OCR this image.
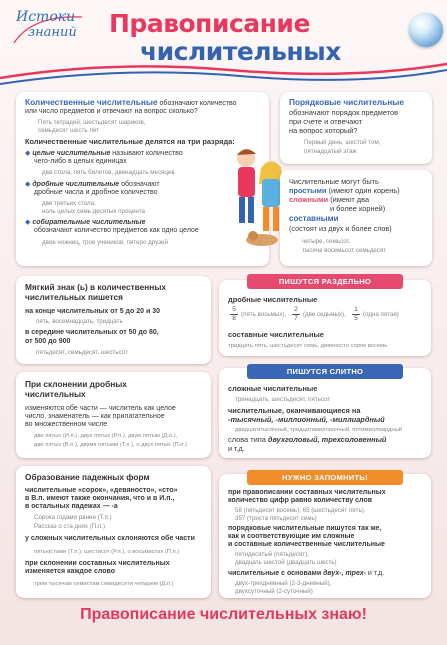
Истоки
знаний Правописание
числительных
Количественные числительные обозначают количество
или число предметов и отвечают на вопрос сколько?
Пять тетрадей, шестьдесят шариков,
семьдесят шесть лет
Количественные числительные делятся на три разряда:
◆ целые числительные называют количество
чего-либо в целых единицах
два стола, пять билетов, двенадцать месяцев
◆ дробные числительные обозначают
дробные числа и дробное количество
две третьих стола,
ноль целых семь десятых процента
◆ собирательные числительные
обозначают количество предметов как одно целое
двое ножниц, трое учеников, пятеро друзей
Порядковые числительные
обозначают порядок предметов
при счете и отвечают
на вопрос который?
Первый день, шестой том,
пятнадцатый этаж
Числительные могут быть
простыми (имеют один корень)
сложными (имеют два
и более корней)
составными
(состоят из двух и более слов)
четыре, семьсот,
тысяча восемьсот семьдесят
Мягкий знак (ь) в количественных
числительных пишется
на конце числительных от 5 до 20 и 30
пять, восемнадцать, тридцать
в середине числительных от 50 до 80,
от 500 до 900
пятьдесят, семьдесят, шестьсот
ПИШУТСЯ РАЗДЕЛЬНО
дробные числительные
5
8
(пять восьмых),
2
7
(две седьмых),
1
5
(одна пятая)
составные числительные
тридцать пять, шестьдесят семь, девяносто сорок восемь
При склонении дробных
числительных
изменяются обе части — числитель как целое
число, знаменатель — как прилагательное
во множественном числе
две пятых (И.п.), двух пятых (Р.п.), двум пятым (Д.п.),
две пятых (В.п.), двумя пятыми (Т.п.), о двух пятых (П.п.)
ПИШУТСЯ СЛИТНО
сложные числительные
тринадцать, шестьдесят, пятьсот
числительные, оканчивающиеся на
-тысячный, -миллионный, -миллиардный
двадцатитысячный, тридцатимиллионный, пятимиллиардный
слова типа двухголовый, трехсоловенный
и т.д.
Образование падежных форм
числительные «сорок», «девяносто», «сто»
в В.п. имеют также окончания, что и в И.п.,
в остальных падежах — -а
Сорока годами ранее (Т.п.)
Рассказ о ста днях (П.п.)
у сложных числительных склоняются обе части
пятьюстами (Т.п.); шестисот (Р.п.), о восьмистах (П.п.)
при склонении составных числительных
изменяется каждое слово
трем тысячам семистам семидесяти четырем (Д.п.)
НУЖНО ЗАПОМНИТЬ!
при правописании составных числительных
количество цифр равно количеству слов
58 (пятьдесят восемь), 65 (шестьдесят пять),
357 (триста пятьдесят семь)
порядковые числительные пишутся так же,
как и соответствующие им сложные
и составные количественные числительные
пятидесятый (пятьдесят),
двадцать шестой (двадцать шесть)
числительные с основами двух-, трех- и т.д.
двух-трехдневный (2-3-дневный),
двухсуточный (2-суточный)
Правописание числительных знаю!
